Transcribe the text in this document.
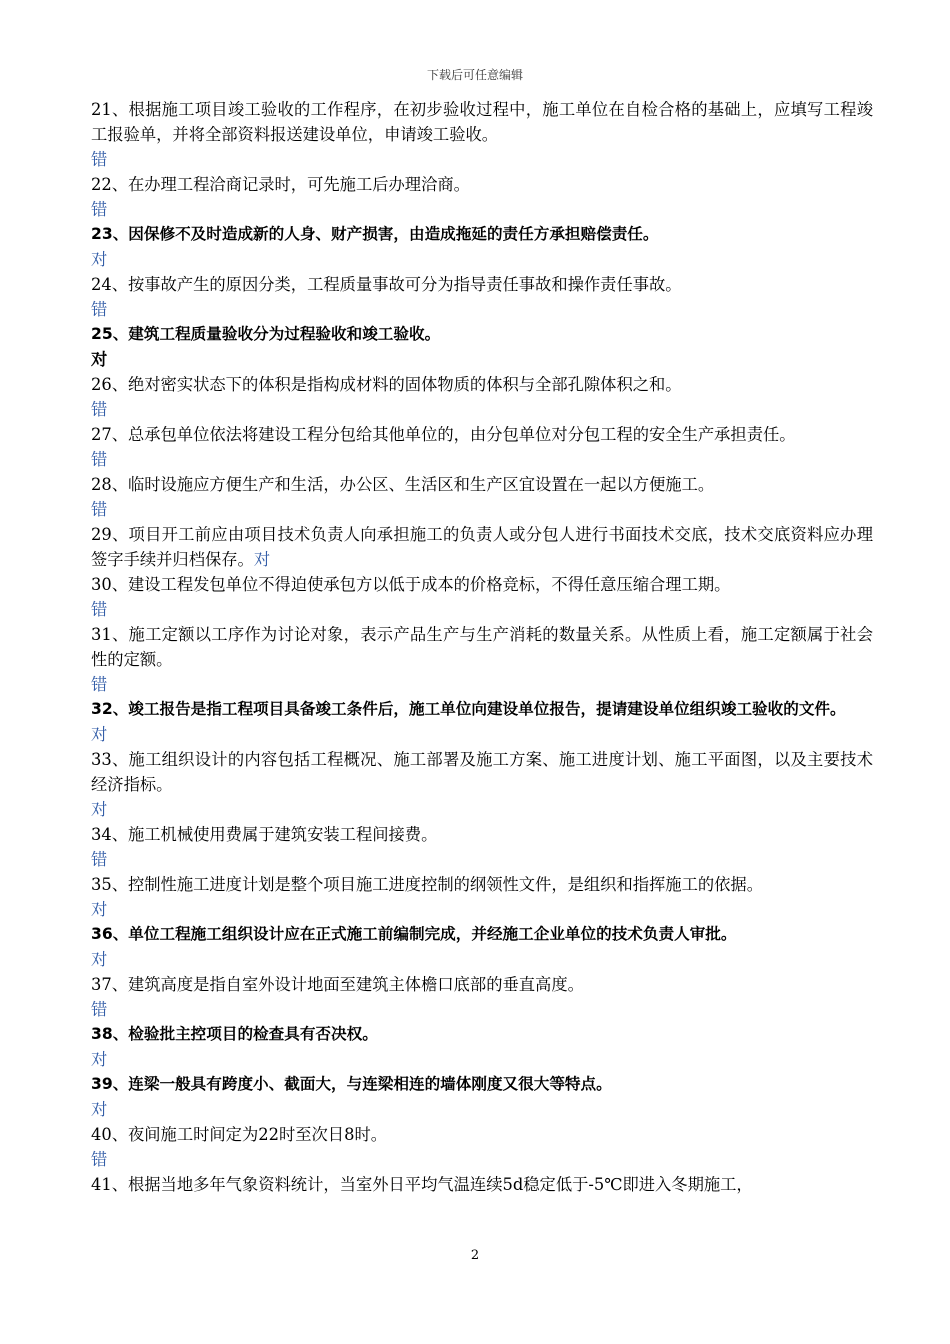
下载后可任意编辑

21、根据施工项目竣工验收的工作程序，在初步验收过程中，施工单位在自检合格的基础上，应填写工程竣工报验单，并将全部资料报送建设单位，申请竣工验收。

错

22、在办理工程洽商记录时，可先施工后办理洽商。

错

23、因保修不及时造成新的人身、财产损害，由造成拖延的责任方承担赔偿责任。

对

24、按事故产生的原因分类，工程质量事故可分为指导责任事故和操作责任事故。

错

25、建筑工程质量验收分为过程验收和竣工验收。

对

26、绝对密实状态下的体积是指构成材料的固体物质的体积与全部孔隙体积之和。

错

27、总承包单位依法将建设工程分包给其他单位的，由分包单位对分包工程的安全生产承担责任。

错

28、临时设施应方便生产和生活，办公区、生活区和生产区宜设置在一起以方便施工。

错

29、项目开工前应由项目技术负责人向承担施工的负责人或分包人进行书面技术交底，技术交底资料应办理签字手续并归档保存。对

30、建设工程发包单位不得迫使承包方以低于成本的价格竞标，不得任意压缩合理工期。

错

31、施工定额以工序作为讨论对象，表示产品生产与生产消耗的数量关系。从性质上看，施工定额属于社会性的定额。

错

32、竣工报告是指工程项目具备竣工条件后，施工单位向建设单位报告，提请建设单位组织竣工验收的文件。

对

33、施工组织设计的内容包括工程概况、施工部署及施工方案、施工进度计划、施工平面图，以及主要技术经济指标。

对

34、施工机械使用费属于建筑安装工程间接费。

错

35、控制性施工进度计划是整个项目施工进度控制的纲领性文件，是组织和指挥施工的依据。

对

36、单位工程施工组织设计应在正式施工前编制完成，并经施工企业单位的技术负责人审批。

对

37、建筑高度是指自室外设计地面至建筑主体檐口底部的垂直高度。

错

38、检验批主控项目的检查具有否决权。

对

39、连梁一般具有跨度小、截面大，与连梁相连的墙体刚度又很大等特点。

对

40、夜间施工时间定为22时至次日8时。

错

41、根据当地多年气象资料统计，当室外日平均气温连续5d稳定低于-5℃即进入冬期施工，

2
